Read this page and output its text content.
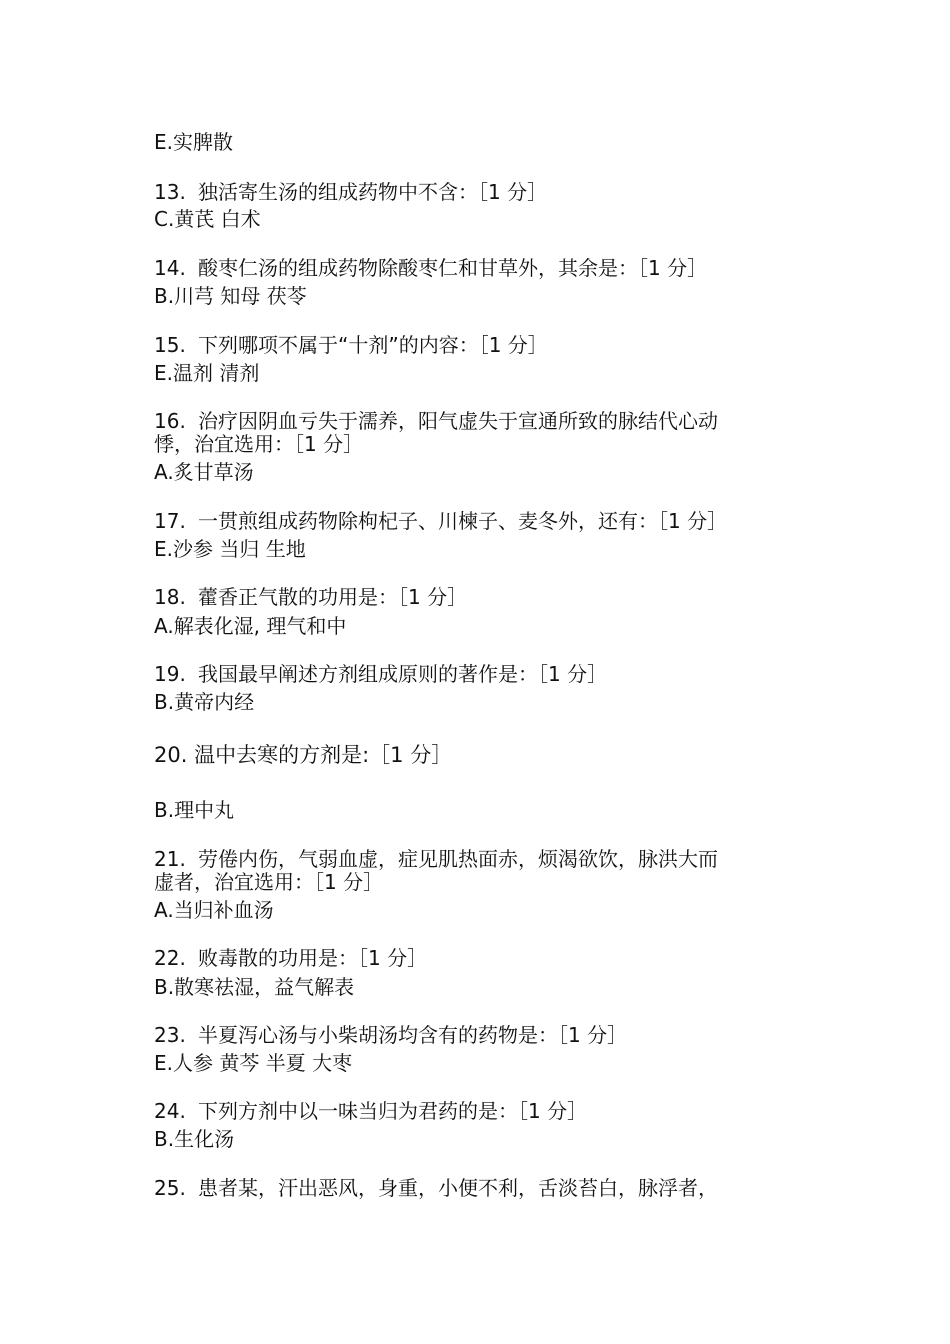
E.实脾散
13. 独活寄生汤的组成药物中不含：［1 分］
C.黄芪 白术
14. 酸枣仁汤的组成药物除酸枣仁和甘草外，其余是：［1 分］
B.川芎 知母 茯苓
15. 下列哪项不属于“十剂”的内容：［1 分］
E.温剂 清剂
16. 治疗因阴血亏失于濡养，阳气虚失于宣通所致的脉结代心动
悸，治宜选用：［1 分］
A.炙甘草汤
17. 一贯煎组成药物除枸杞子、川楝子、麦冬外，还有：［1 分］
E.沙参 当归 生地
18. 藿香正气散的功用是：［1 分］
A.解表化湿, 理气和中
19. 我国最早阐述方剂组成原则的著作是：［1 分］
B.黄帝内经
20. 温中去寒的方剂是:［1 分］
B.理中丸
21. 劳倦内伤，气弱血虚，症见肌热面赤，烦渴欲饮，脉洪大而
虚者，治宜选用：［1 分］
A.当归补血汤
22. 败毒散的功用是：［1 分］
B.散寒祛湿，益气解表
23. 半夏泻心汤与小柴胡汤均含有的药物是：［1 分］
E.人参 黄芩 半夏 大枣
24. 下列方剂中以一味当归为君药的是：［1 分］
B.生化汤
25. 患者某，汗出恶风，身重，小便不利，舌淡苔白，脉浮者，
